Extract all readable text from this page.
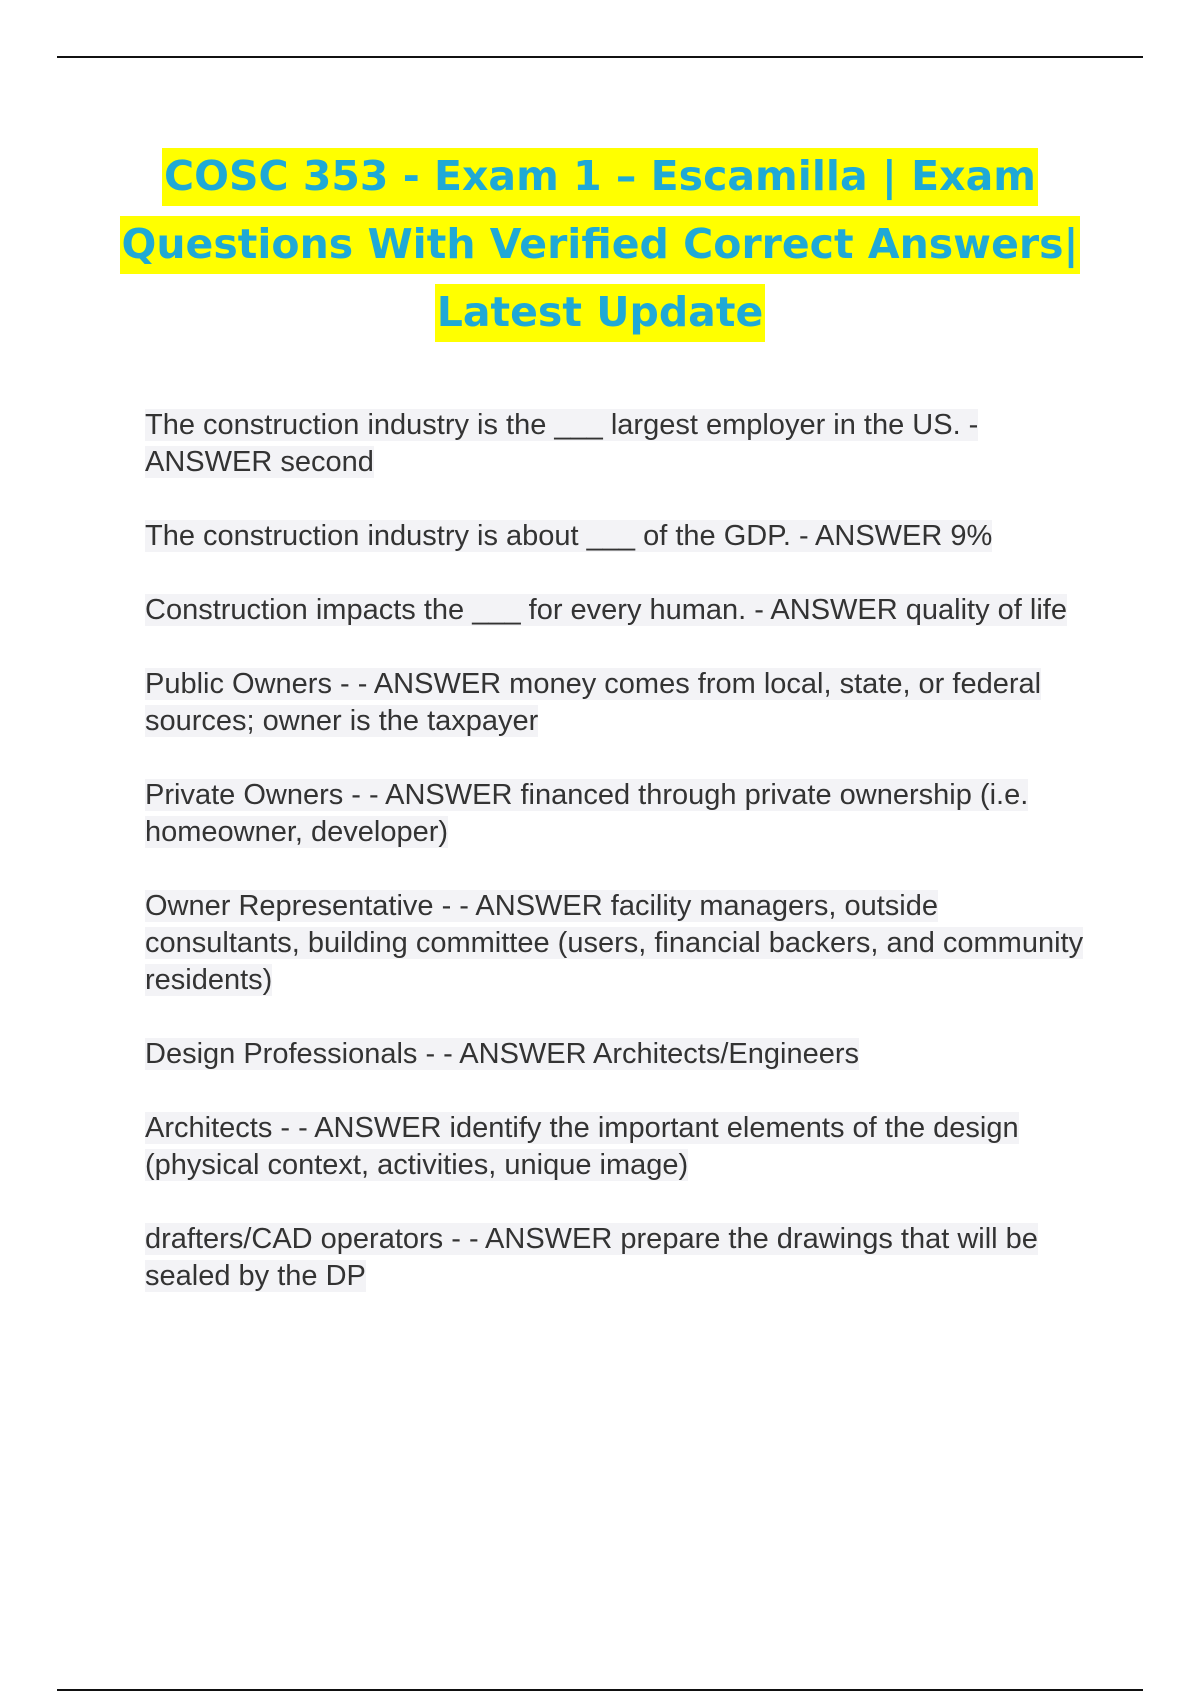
COSC 353 - Exam 1 – Escamilla | Exam Questions With Verified Correct Answers| Latest Update
The construction industry is the ___ largest employer in the US. - ANSWER second
The construction industry is about ___ of the GDP. - ANSWER 9%
Construction impacts the ___ for every human. - ANSWER quality of life
Public Owners - - ANSWER money comes from local, state, or federal sources; owner is the taxpayer
Private Owners - - ANSWER financed through private ownership (i.e. homeowner, developer)
Owner Representative - - ANSWER facility managers, outside consultants, building committee (users, financial backers, and community residents)
Design Professionals - - ANSWER Architects/Engineers
Architects - - ANSWER identify the important elements of the design (physical context, activities, unique image)
drafters/CAD operators - - ANSWER prepare the drawings that will be sealed by the DP
